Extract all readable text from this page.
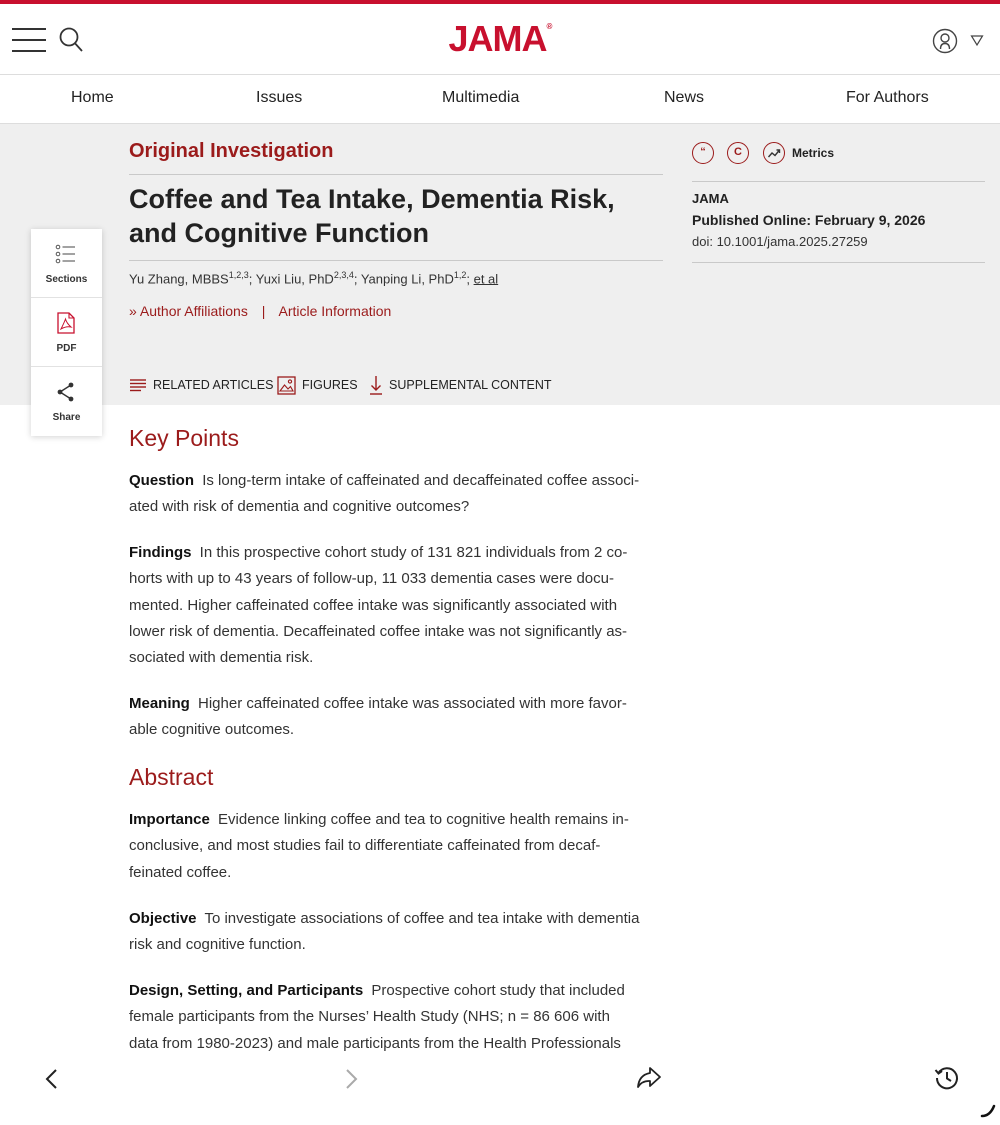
JAMA®
Home	Issues	Multimedia	News	For Authors
Original Investigation
Coffee and Tea Intake, Dementia Risk, and Cognitive Function
Yu Zhang, MBBS$^{1,2,3}$; Yuxi Liu, PhD$^{2,3,4}$; Yanping Li, PhD$^{1,2}$; et al
» Author Affiliations | Article Information
RELATED ARTICLES FIGURES	SUPPLEMENTAL CONTENT
“	C	Metrics
JAMA
Published Online: February 9, 2026
doi: 10.1001/jama.2025.27259
Sections
PDF
Share
Key Points
Question Is long-term intake of caffeinated and decaffeinated coffee associ-
ated with risk of dementia and cognitive outcomes?
Findings In this prospective cohort study of 131 821 individuals from 2 co-
horts with up to 43 years of follow-up, 11 033 dementia cases were docu-
mented. Higher caffeinated coffee intake was significantly associated with
lower risk of dementia. Decaffeinated coffee intake was not significantly as-
sociated with dementia risk.
Meaning Higher caffeinated coffee intake was associated with more favor-
able cognitive outcomes.
Abstract
Importance Evidence linking coffee and tea to cognitive health remains in-
conclusive, and most studies fail to differentiate caffeinated from decaf-
feinated coffee.
Objective To investigate associations of coffee and tea intake with dementia
risk and cognitive function.
Design, Setting, and Participants Prospective cohort study that included
female participants from the Nurses’ Health Study (NHS; n = 86 606 with
data from 1980-2023) and male participants from the Health Professionals
